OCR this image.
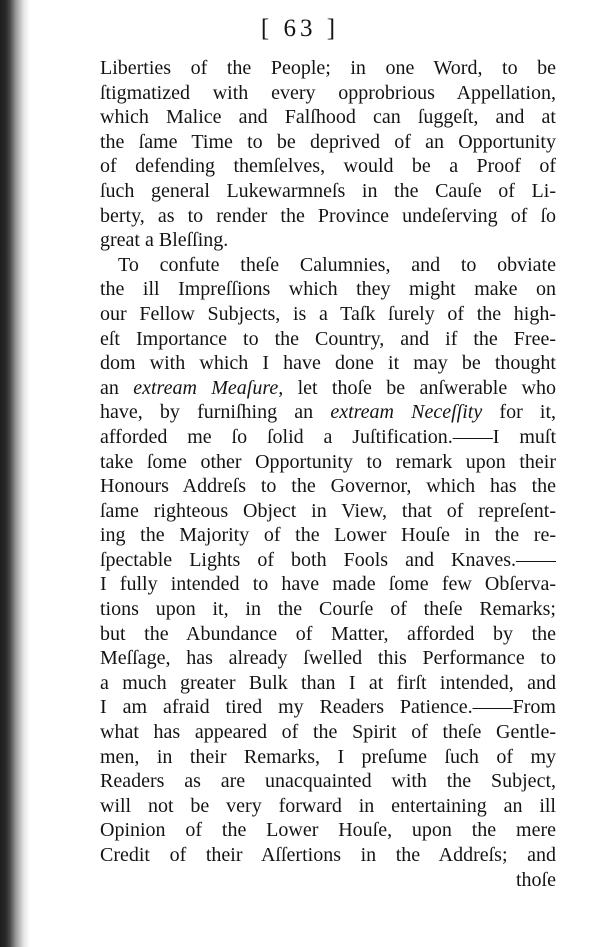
[ 63 ]
Liberties of the People; in one Word, to be
ſtigmatized with every opprobrious Appellation,
which Malice and Falſhood can ſuggeſt, and at
the ſame Time to be deprived of an Opportunity
of defending themſelves, would be a Proof of
ſuch general Lukewarmneſs in the Cauſe of Li-
berty, as to render the Province undeſerving of ſo
great a Bleſſing.
To confute theſe Calumnies, and to obviate
the ill Impreſſions which they might make on
our Fellow Subjects, is a Taſk ſurely of the high-
eſt Importance to the Country, and if the Free-
dom with which I have done it may be thought
an extream Meaſure, let thoſe be anſwerable who
have, by furniſhing an extream Neceſſity for it,
afforded me ſo ſolid a Juſtification.——I muſt
take ſome other Opportunity to remark upon their
Honours Addreſs to the Governor, which has the
ſame righteous Object in View, that of repreſent-
ing the Majority of the Lower Houſe in the re-
ſpectable Lights of both Fools and Knaves.——
I fully intended to have made ſome few Obſerva-
tions upon it, in the Courſe of theſe Remarks;
but the Abundance of Matter, afforded by the
Meſſage, has already ſwelled this Performance to
a much greater Bulk than I at firſt intended, and
I am afraid tired my Readers Patience.——From
what has appeared of the Spirit of theſe Gentle-
men, in their Remarks, I preſume ſuch of my
Readers as are unacquainted with the Subject,
will not be very forward in entertaining an ill
Opinion of the Lower Houſe, upon the mere
Credit of their Aſſertions in the Addreſs; and
thoſe
